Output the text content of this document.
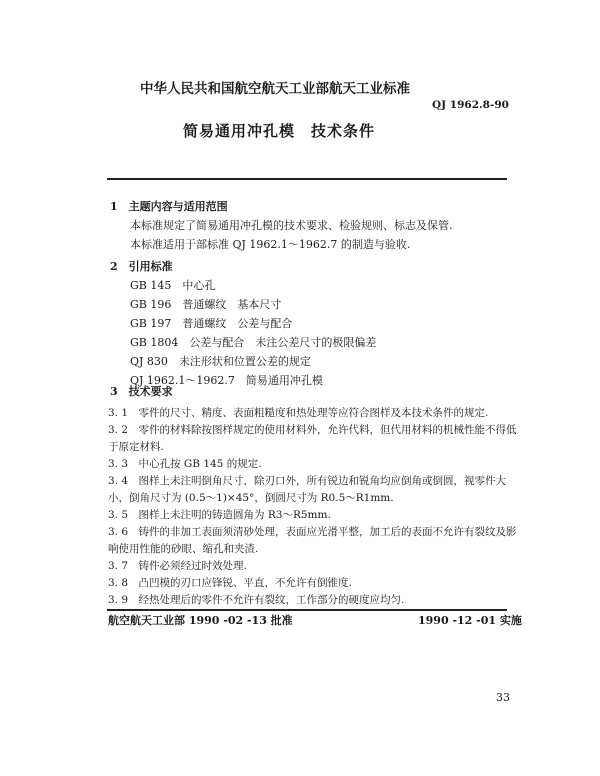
中华人民共和国航空航天工业部航天工业标准
QJ 1962.8-90
简易通用冲孔模　技术条件
1　主题内容与适用范围
本标准规定了简易通用冲孔模的技术要求、检验规则、标志及保管.
本标准适用于部标准 QJ 1962.1～1962.7 的制造与验收.
2　引用标准
GB 145　中心孔
GB 196　普通螺纹　基本尺寸
GB 197　普通螺纹　公差与配合
GB 1804　公差与配合　未注公差尺寸的极限偏差
QJ 830　未注形状和位置公差的规定
QJ 1962.1～1962.7　简易通用冲孔模
3　技术要求
3. 1　零件的尺寸、精度、表面粗糙度和热处理等应符合图样及本技术条件的规定.
3. 2　零件的材料除按图样规定的使用材料外，允许代料，但代用材料的机械性能不得低
于原定材料.
3. 3　中心孔按 GB 145 的规定.
3. 4　图样上未注明倒角尺寸，除刃口外，所有锐边和锐角均应倒角或倒圆，视零件大
小，倒角尺寸为 (0.5～1)×45°，倒圆尺寸为 R0.5～R1mm.
3. 5　图样上未注明的铸造圆角为 R3～R5mm.
3. 6　铸件的非加工表面须清砂处理，表面应光滑平整，加工后的表面不允许有裂纹及影
响使用性能的砂眼、缩孔和夹渣.
3. 7　铸件必须经过时效处理.
3. 8　凸凹模的刃口应锋锐、平直，不允许有倒锥度.
3. 9　经热处理后的零件不允许有裂纹，工作部分的硬度应均匀.
航空航天工业部 1990 -02 -13 批准	1990 -12 -01 实施
33
